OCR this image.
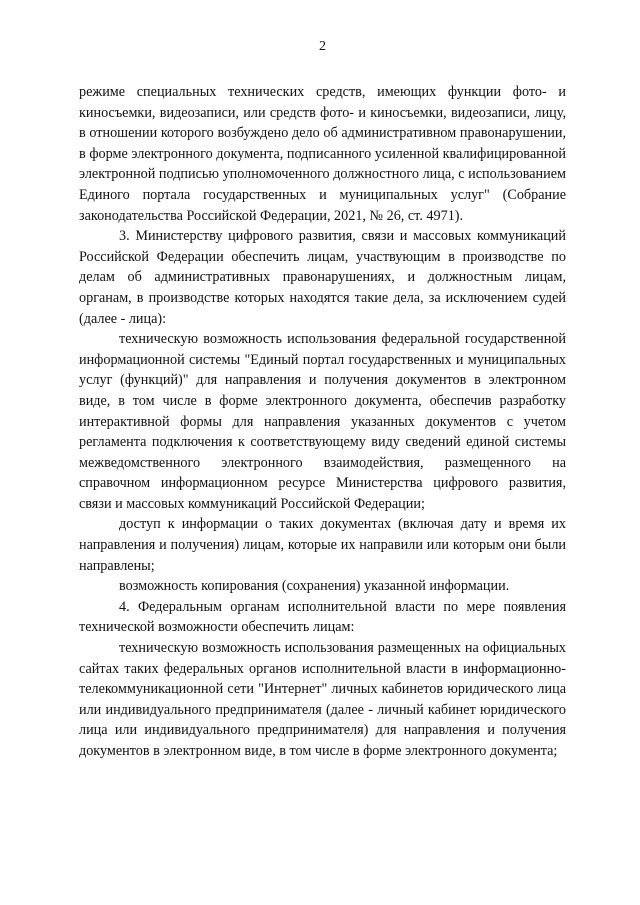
2

режиме специальных технических средств, имеющих функции фото- и киносъемки, видеозаписи, или средств фото- и киносъемки, видеозаписи, лицу, в отношении которого возбуждено дело об административном правонарушении, в форме электронного документа, подписанного усиленной квалифицированной электронной подписью уполномоченного должностного лица, с использованием Единого портала государственных и муниципальных услуг" (Собрание законодательства Российской Федерации, 2021, № 26, ст. 4971).

3. Министерству цифрового развития, связи и массовых коммуникаций Российской Федерации обеспечить лицам, участвующим в производстве по делам об административных правонарушениях, и должностным лицам, органам, в производстве которых находятся такие дела, за исключением судей (далее - лица):

техническую возможность использования федеральной государственной информационной системы "Единый портал государственных и муниципальных услуг (функций)" для направления и получения документов в электронном виде, в том числе в форме электронного документа, обеспечив разработку интерактивной формы для направления указанных документов с учетом регламента подключения к соответствующему виду сведений единой системы межведомственного электронного взаимодействия, размещенного на справочном информационном ресурсе Министерства цифрового развития, связи и массовых коммуникаций Российской Федерации;

доступ к информации о таких документах (включая дату и время их направления и получения) лицам, которые их направили или которым они были направлены;

возможность копирования (сохранения) указанной информации.

4. Федеральным органам исполнительной власти по мере появления технической возможности обеспечить лицам:

техническую возможность использования размещенных на официальных сайтах таких федеральных органов исполнительной власти в информационно-телекоммуникационной сети "Интернет" личных кабинетов юридического лица или индивидуального предпринимателя (далее - личный кабинет юридического лица или индивидуального предпринимателя) для направления и получения документов в электронном виде, в том числе в форме электронного документа;
